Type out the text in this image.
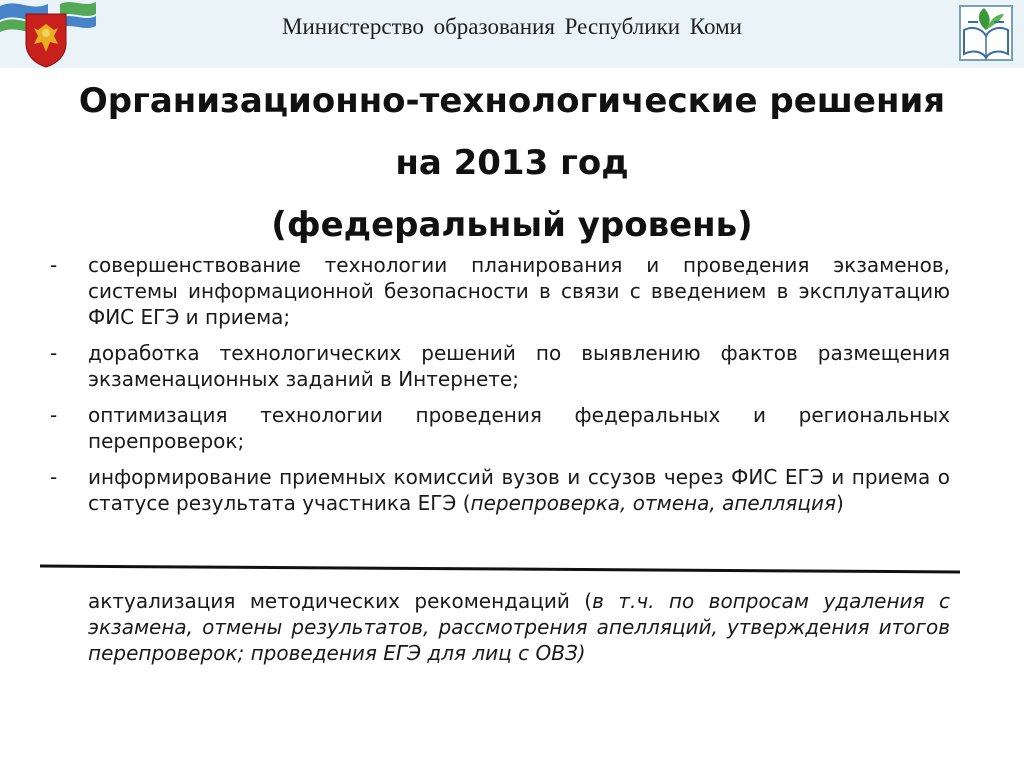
Министерство образования Республики Коми
Организационно-технологические решения
на 2013 год
(федеральный уровень)
- совершенствование технологии планирования и проведения экзаменов, системы информационной безопасности в связи с введением в эксплуатацию ФИС ЕГЭ и приема;
- доработка технологических решений по выявлению фактов размещения экзаменационных заданий в Интернете;
- оптимизация технологии проведения федеральных и региональных перепроверок;
- информирование приемных комиссий вузов и ссузов через ФИС ЕГЭ и приема о статусе результата участника ЕГЭ (перепроверка, отмена, апелляция)
актуализация методических рекомендаций (в т.ч. по вопросам удаления с экзамена, отмены результатов, рассмотрения апелляций, утверждения итогов перепроверок; проведения ЕГЭ для лиц с ОВЗ)
